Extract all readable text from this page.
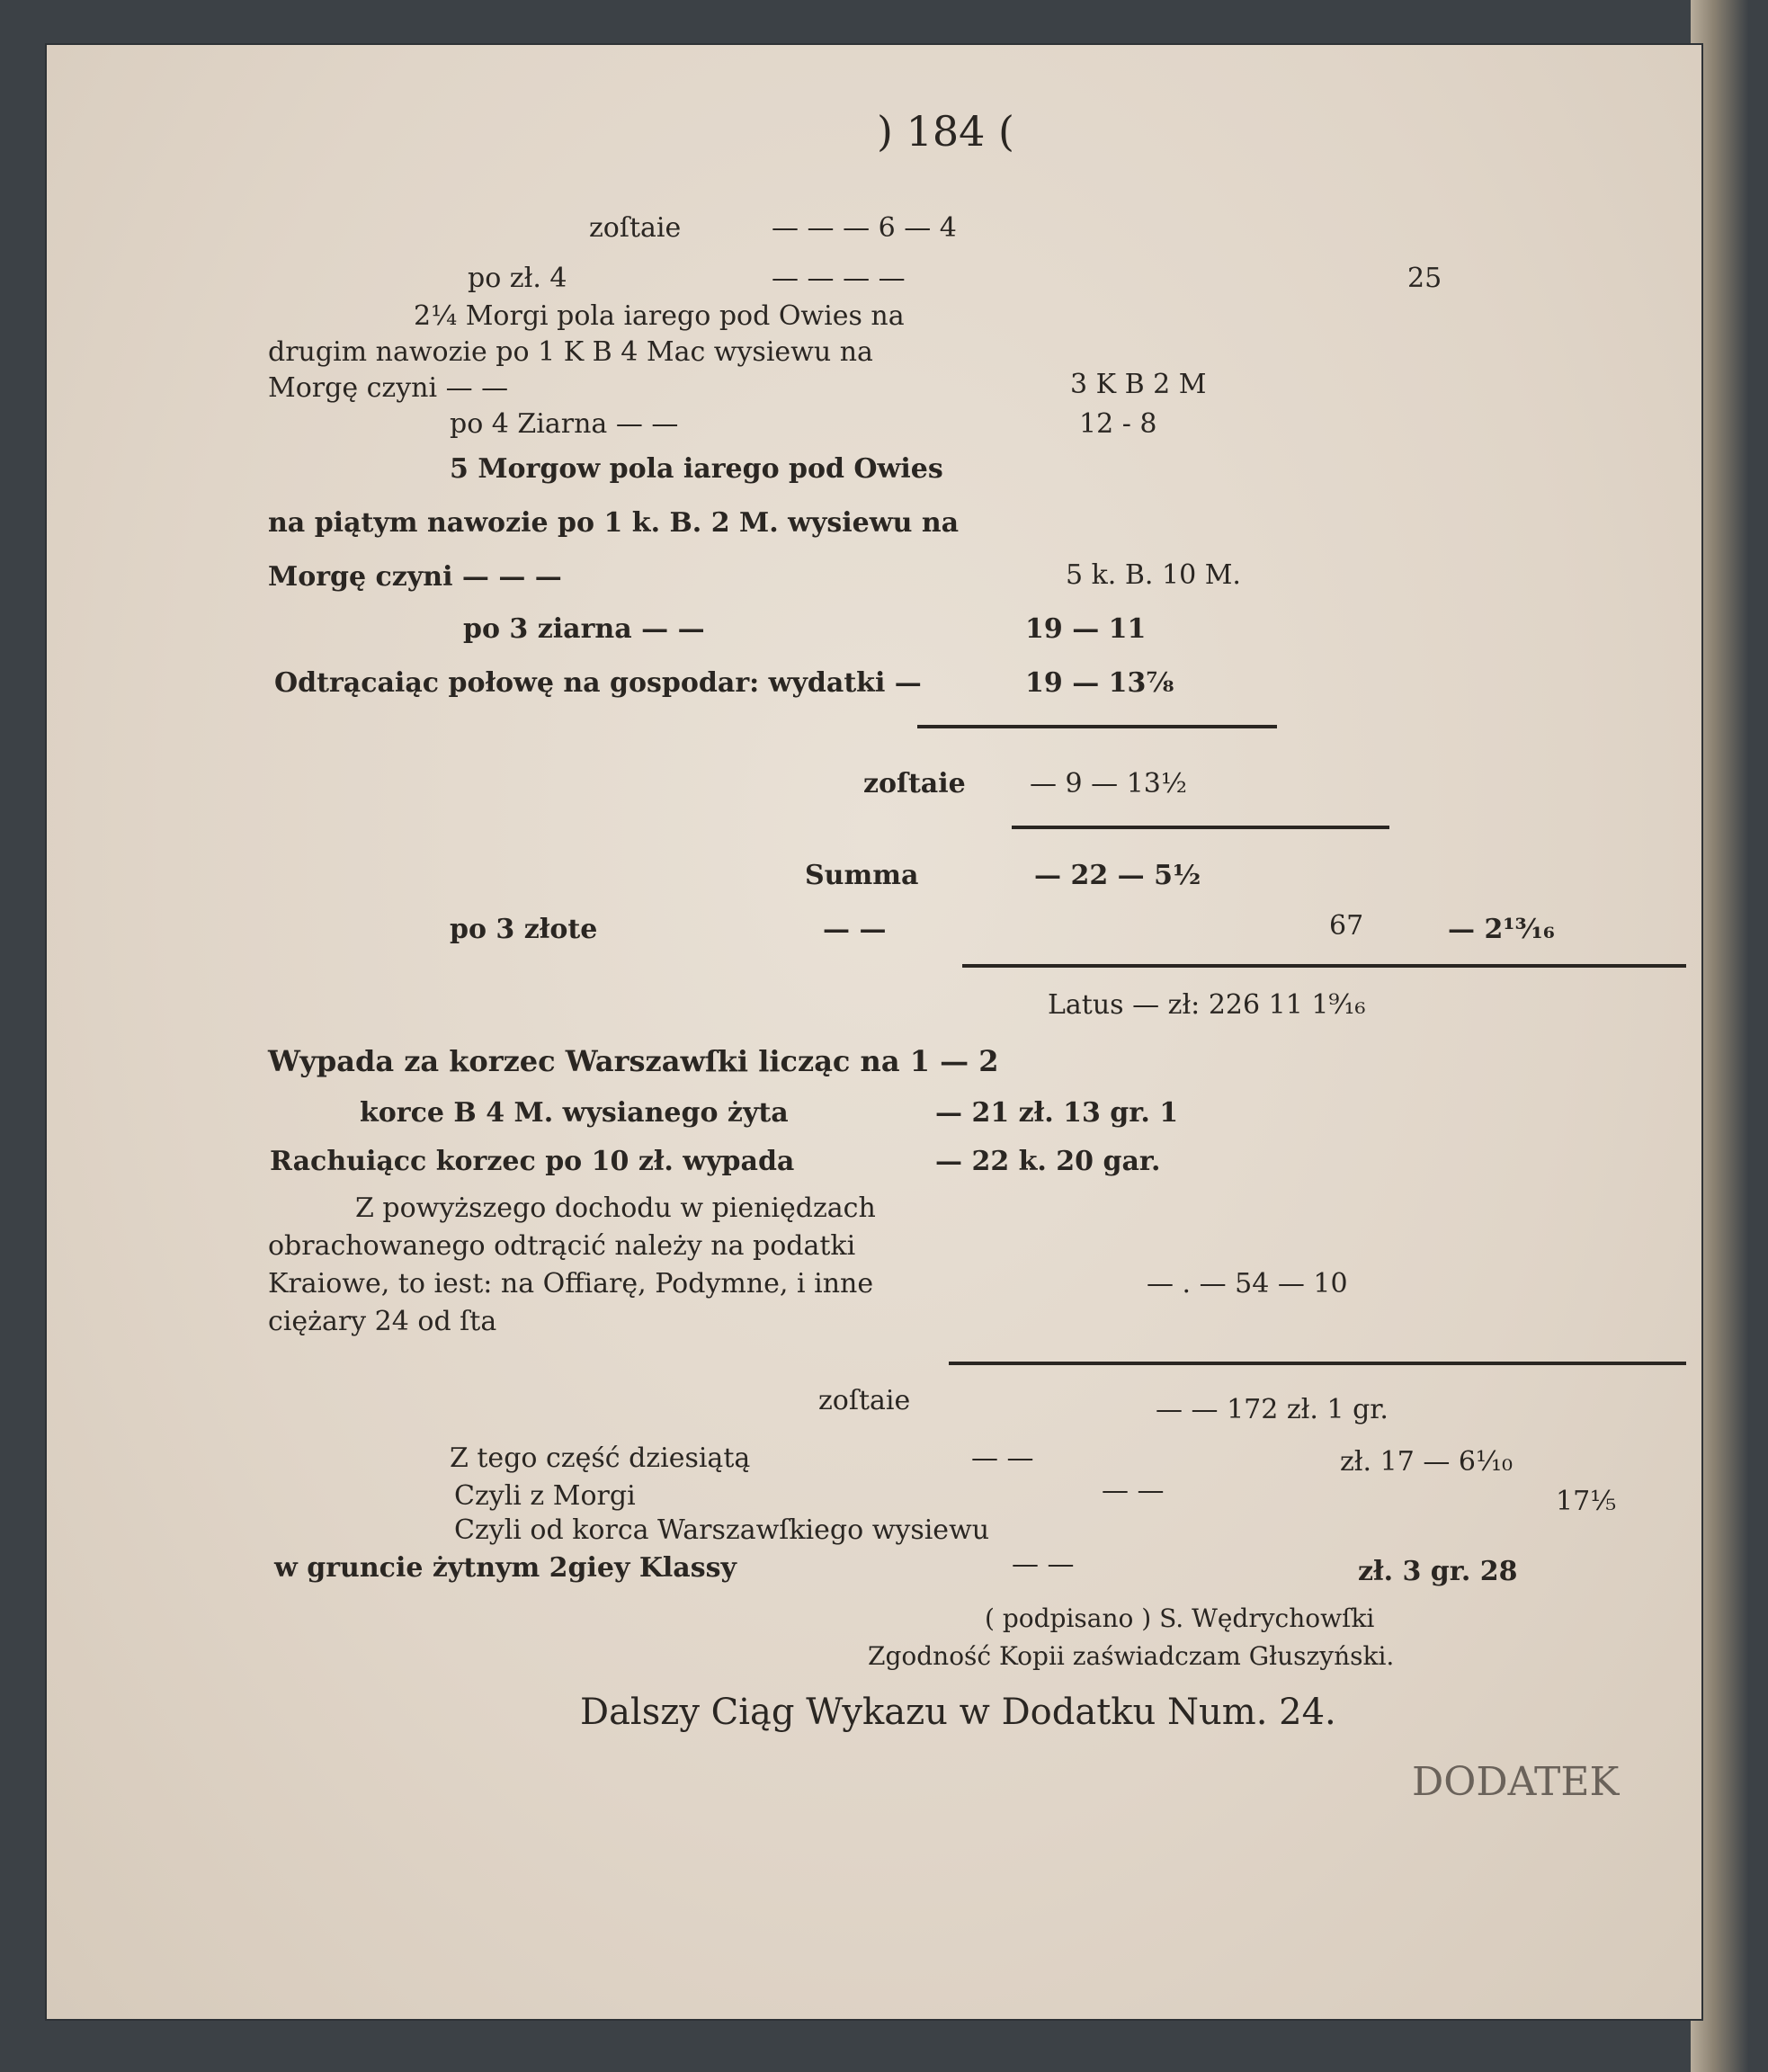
) 184 (
zoſtaie	— — — 6 — 4
po zł. 4	— — — —	25
2¼ Morgi pola iarego pod Owies na
drugim nawozie po 1 K B 4 Mac wysiewu na
Morgę czyni — —	3 K B 2 M
po 4 Ziarna — —	12 - 8
5 Morgow pola iarego pod Owies
na piątym nawozie po 1 k. B. 2 M. wysiewu na
Morgę czyni — — —	5 k. B. 10 M.
po 3 ziarna — —	19 — 11
Odtrącaiąc połowę na gospodar: wydatki —	19 — 13⅞
zoſtaie — 9 — 13½
Summa	— 22 — 5½
po 3 złote	— —	67	— 2¹³⁄₁₆
Latus — zł: 226 11 1⁹⁄₁₆
Wypada za korzec Warszawſki licząc na 1 — 2
korce B 4 M. wysianego żyta	— 21 zł. 13 gr. 1
Rachuiącc korzec po 10 zł. wypada	— 22 k. 20 gar.
Z powyższego dochodu w pieniędzach
obrachowanego odtrącić należy na podatki
Kraiowe, to iest: na Offiarę, Podymne, i inne	— . — 54 — 10
ciężary 24 od ſta
zoſtaie	— — 172 zł. 1 gr.
Z tego część dziesiątą	— —	zł. 17 — 6¹⁄₁₀
Czyli z Morgi	— —	17⅟₅
Czyli od korca Warszawſkiego wysiewu
w gruncie żytnym 2giey Klassy	— —	zł. 3 gr. 28
( podpisano ) S. Wędrychowſki
Zgodność Kopii zaświadczam Głuszyński.
Dalszy Ciąg Wykazu w Dodatku Num. 24.
DODATEK
